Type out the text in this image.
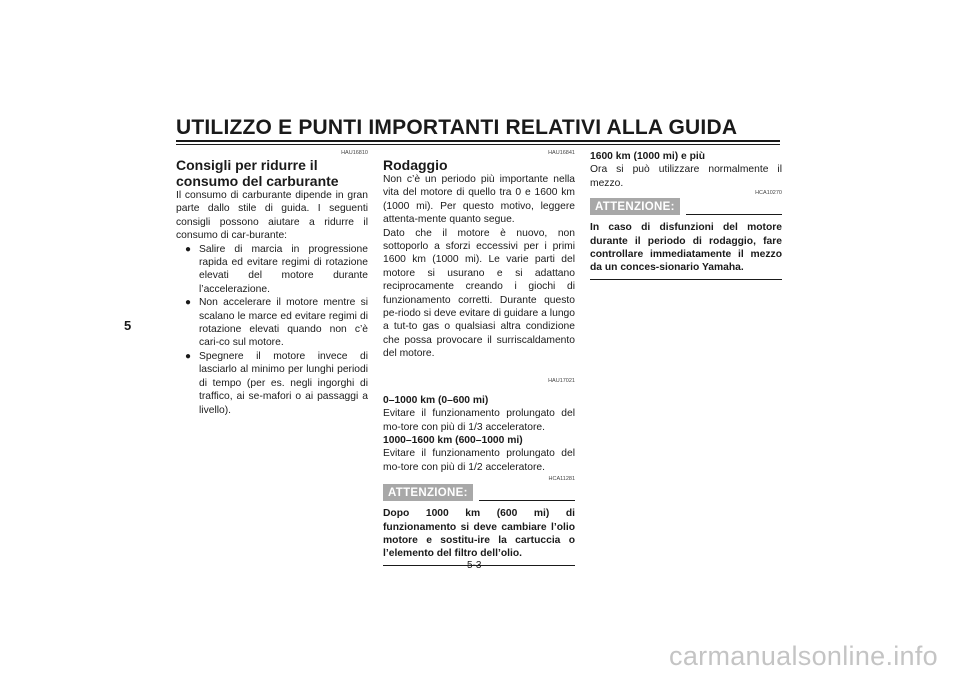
UTILIZZO E PUNTI IMPORTANTI RELATIVI ALLA GUIDA
5
HAU16810
Consigli per ridurre il consumo del carburante

Il consumo di carburante dipende in gran parte dallo stile di guida. I seguenti consigli possono aiutare a ridurre il consumo di car-burante:

● Salire di marcia in progressione rapida ed evitare regimi di rotazione elevati del motore durante l’accelerazione.
● Non accelerare il motore mentre si scalano le marce ed evitare regimi di rotazione elevati quando non c’è cari-co sul motore.
● Spegnere il motore invece di lasciarlo al minimo per lunghi periodi di tempo (per es. negli ingorghi di traffico, ai se-mafori o ai passaggi a livello).
HAU16841
Rodaggio

Non c’è un periodo più importante nella vita del motore di quello tra 0 e 1600 km (1000 mi). Per questo motivo, leggere attenta-mente quanto segue.

Dato che il motore è nuovo, non sottoporlo a sforzi eccessivi per i primi 1600 km (1000 mi). Le varie parti del motore si usurano e si adattano reciprocamente creando i giochi di funzionamento corretti. Durante questo pe-riodo si deve evitare di guidare a lungo a tut-to gas o qualsiasi altra condizione che possa provocare il surriscaldamento del motore.

HAU17021
0–1000 km (0–600 mi)

Evitare il funzionamento prolungato del mo-tore con più di 1/3 acceleratore.

1000–1600 km (600–1000 mi)

Evitare il funzionamento prolungato del mo-tore con più di 1/2 acceleratore.

HCA11281
ATTENZIONE:
Dopo 1000 km (600 mi) di funzionamento si deve cambiare l’olio motore e sostitu-ire la cartuccia o l’elemento del filtro dell’olio.
1600 km (1000 mi) e più

Ora si può utilizzare normalmente il mezzo.

HCA10270
ATTENZIONE:
In caso di disfunzioni del motore durante il periodo di rodaggio, fare controllare immediatamente il mezzo da un conces-sionario Yamaha.
5-3
carmanualsonline.info
